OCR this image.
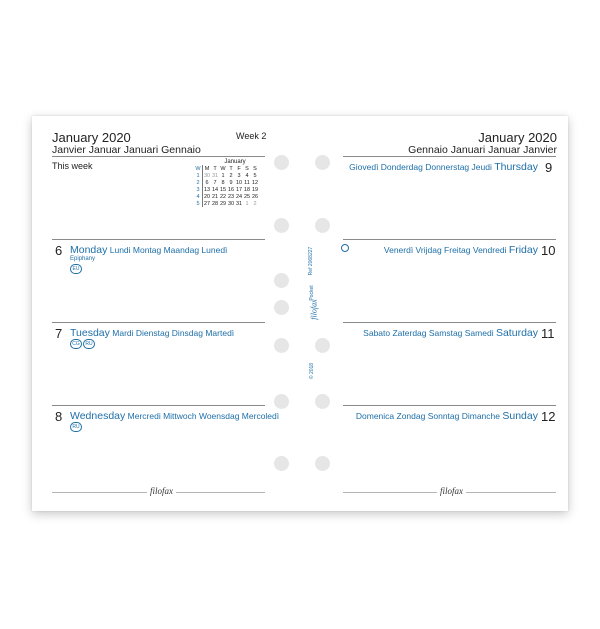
January 2020
Janvier Januar Januari Gennaio
Week 2
This week	January
W	M	T	W	T	F	S	S
1	30	31	1	2	3	4	5
2	6	7	8	9	10	11	12
3	13	14	15	16	17	18	19
4	20	21	22	23	24	25	26
5	27	28	29	30	31	1	2
6 Monday Lundi Montag Maandag Lunedì
Epiphany
EU
7 Tuesday Mardi Dienstag Dinsdag Martedì
CG	RU
8 Wednesday Mercredi Mittwoch Woensdag Mercoledì
RU
filofax
Ref 2068227
Pocket
filofax
© 2018
January 2020
Gennaio Januari Januar Janvier
Giovedì Donderdag Donnerstag Jeudi Thursday 9
Venerdì Vrijdag Freitag Vendredi Friday 10
Sabato Zaterdag Samstag Samedi Saturday 11
Domenica Zondag Sonntag Dimanche Sunday 12
filofax
